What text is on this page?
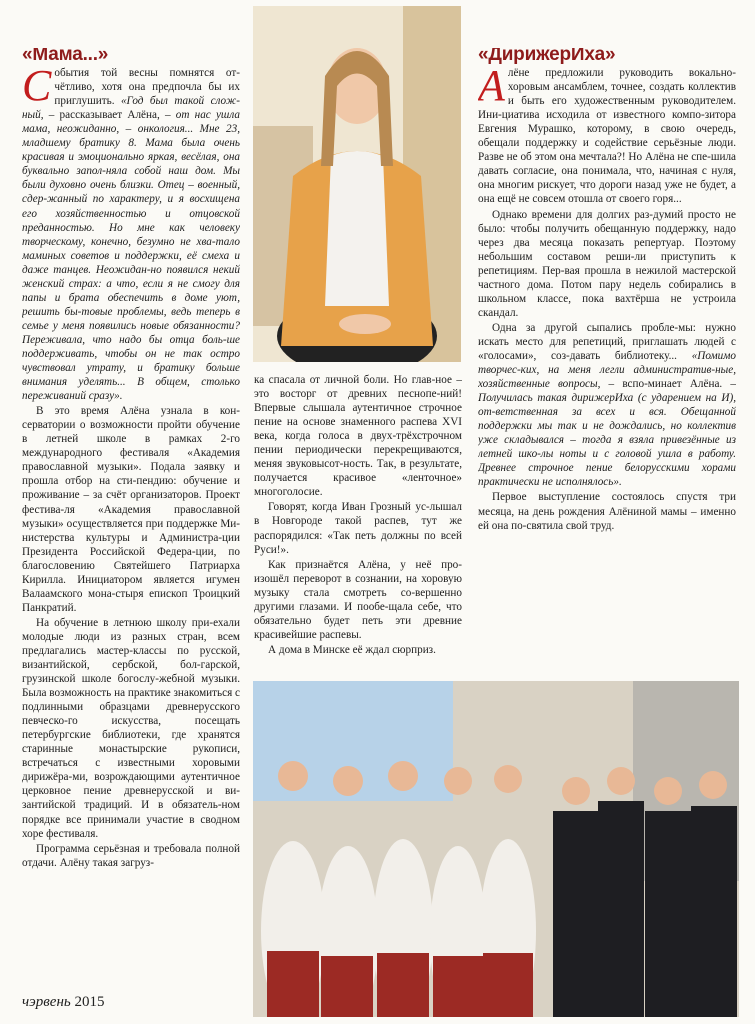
«Мама...»

События той весны помнятся от-чётливо, хотя она предпочла бы их приглушить. «Год был такой слож-ный, – рассказывает Алёна, – от нас ушла мама, неожиданно, – онкология... Мне 23, младшему братику 8. Мама была очень красивая и эмоционально яркая, весёлая, она буквально запол-няла собой наш дом. Мы были духовно очень близки. Отец – военный, сдер-жанный по характеру, и я восхищена его хозяйственностью и отцовской преданностью. Но мне как человеку творческому, конечно, безумно не хва-тало маминых советов и поддержки, её смеха и даже танцев. Неожидан-но появился некий женский страх: а что, если я не смогу для папы и брата обеспечить в доме уют, решить бы-товые проблемы, ведь теперь в семье у меня появились новые обязанности? Переживала, что надо бы отца боль-ше поддерживать, чтобы он не так остро чувствовал утрату, и братику больше внимания уделять... В общем, столько переживаний сразу».

В это время Алёна узнала в кон-серватории о возможности пройти обучение в летней школе в рамках 2-го международного фестиваля «Академия православной музыки». Подала заявку и прошла отбор на сти-пендию: обучение и проживание – за счёт организаторов. Проект фестива-ля «Академия православной музыки» осуществляется при поддержке Ми-нистерства культуры и Администра-ции Президента Российской Федера-ции, по благословению Святейшего Патриарха Кирилла. Инициатором является игумен Валаамского мона-стыря епископ Троицкий Панкратий.

На обучение в летнюю школу при-ехали молодые люди из разных стран, всем предлагались мастер-классы по русской, византийской, сербской, бол-гарской, грузинской школе богослу-жебной музыки. Была возможность на практике знакомиться с подлинными образцами древнерусского певческо-го искусства, посещать петербургские библиотеки, где хранятся старинные монастырские рукописи, встречаться с известными хоровыми дирижёра-ми, возрождающими аутентичное церковное пение древнерусской и ви-зантийской традиций. И в обязатель-ном порядке все принимали участие в сводном хоре фестиваля.

Программа серьёзная и требовала полной отдачи. Алёну такая загруз-

ка спасала от личной боли. Но глав-ное – это восторг от древних песнопе-ний! Впервые слышала аутентичное строчное пение на основе знаменного распева XVI века, когда голоса в двух-трёхстрочном пении периодически перекрещиваются, меняя звуковысот-ность. Так, в результате, получается красивое «ленточное» многоголосие.

Говорят, когда Иван Грозный ус-лышал в Новгороде такой распев, тут же распорядился: «Так петь должны по всей Руси!».

Как признаётся Алёна, у неё про-изошёл переворот в сознании, на хоровую музыку стала смотреть со-вершенно другими глазами. И пообе-щала себе, что обязательно будет петь эти древние красивейшие распевы.

А дома в Минске её ждал сюрприз.

«ДирижерИха»

Алёне предложили руководить вокально-хоровым ансамблем, точнее, создать коллектив и быть его художественным руководителем. Ини-циатива исходила от известного компо-зитора Евгения Мурашко, которому, в свою очередь, обещали поддержку и содействие серьёзные люди. Разве не об этом она мечтала?! Но Алёна не спе-шила давать согласие, она понимала, что, начиная с нуля, она многим рискует, что дороги назад уже не будет, а она ещё не совсем отошла от своего горя...

Однако времени для долгих раз-думий просто не было: чтобы получить обещанную поддержку, надо через два месяца показать репертуар. Поэтому небольшим составом реши-ли приступить к репетициям. Пер-вая прошла в нежилой мастерской частного дома. Потом пару недель собирались в школьном классе, пока вахтёрша не устроила скандал.

Одна за другой сыпались пробле-мы: нужно искать место для репетиций, приглашать людей с «голосами», соз-давать библиотеку... «Помимо творчес-ких, на меня легли административ-ные, хозяйственные вопросы, – вспо-минает Алёна. – Получилась такая дирижерИха (с ударением на И), от-ветственная за всех и вся. Обещанной поддержки мы так и не дождались, но коллектив уже складывался – тогда я взяла привезённые из летней шко-лы ноты и с головой ушла в работу. Древнее строчное пение белорусскими хорами практически не исполнялось».

Первое выступление состоялось спустя три месяца, на день рождения Алёниной мамы – именно ей она по-святила свой труд.

чэрвень 2015
